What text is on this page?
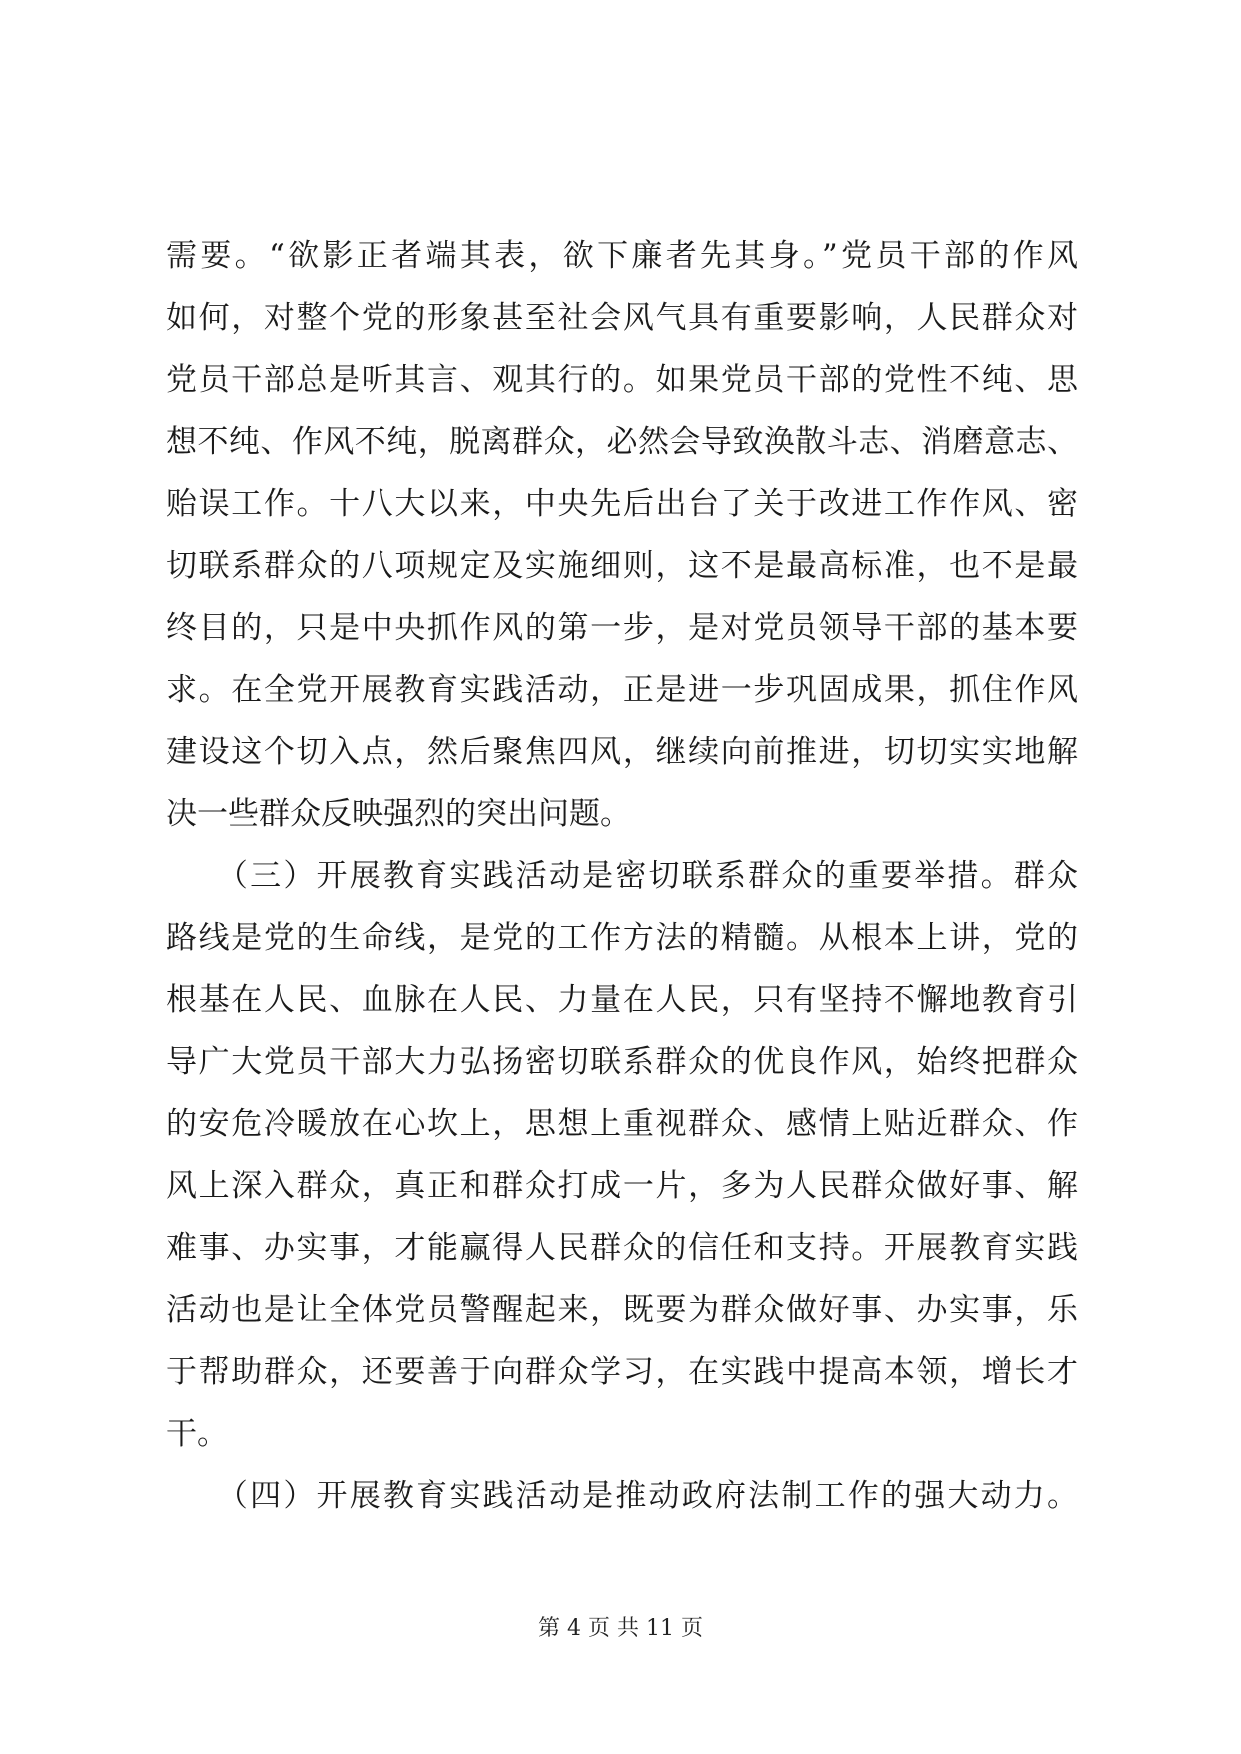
需要。“欲影正者端其表，欲下廉者先其身。”党员干部的作风
如何，对整个党的形象甚至社会风气具有重要影响，人民群众对
党员干部总是听其言、观其行的。如果党员干部的党性不纯、思
想不纯、作风不纯，脱离群众，必然会导致涣散斗志、消磨意志、
贻误工作。十八大以来，中央先后出台了关于改进工作作风、密
切联系群众的八项规定及实施细则，这不是最高标准，也不是最
终目的，只是中央抓作风的第一步，是对党员领导干部的基本要
求。在全党开展教育实践活动，正是进一步巩固成果，抓住作风
建设这个切入点，然后聚焦四风，继续向前推进，切切实实地解
决一些群众反映强烈的突出问题。
　　（三）开展教育实践活动是密切联系群众的重要举措。群众
路线是党的生命线，是党的工作方法的精髓。从根本上讲，党的
根基在人民、血脉在人民、力量在人民，只有坚持不懈地教育引
导广大党员干部大力弘扬密切联系群众的优良作风，始终把群众
的安危冷暖放在心坎上，思想上重视群众、感情上贴近群众、作
风上深入群众，真正和群众打成一片，多为人民群众做好事、解
难事、办实事，才能赢得人民群众的信任和支持。开展教育实践
活动也是让全体党员警醒起来，既要为群众做好事、办实事，乐
于帮助群众，还要善于向群众学习，在实践中提高本领，增长才
干。
　　（四）开展教育实践活动是推动政府法制工作的强大动力。
第 4 页 共 11 页
